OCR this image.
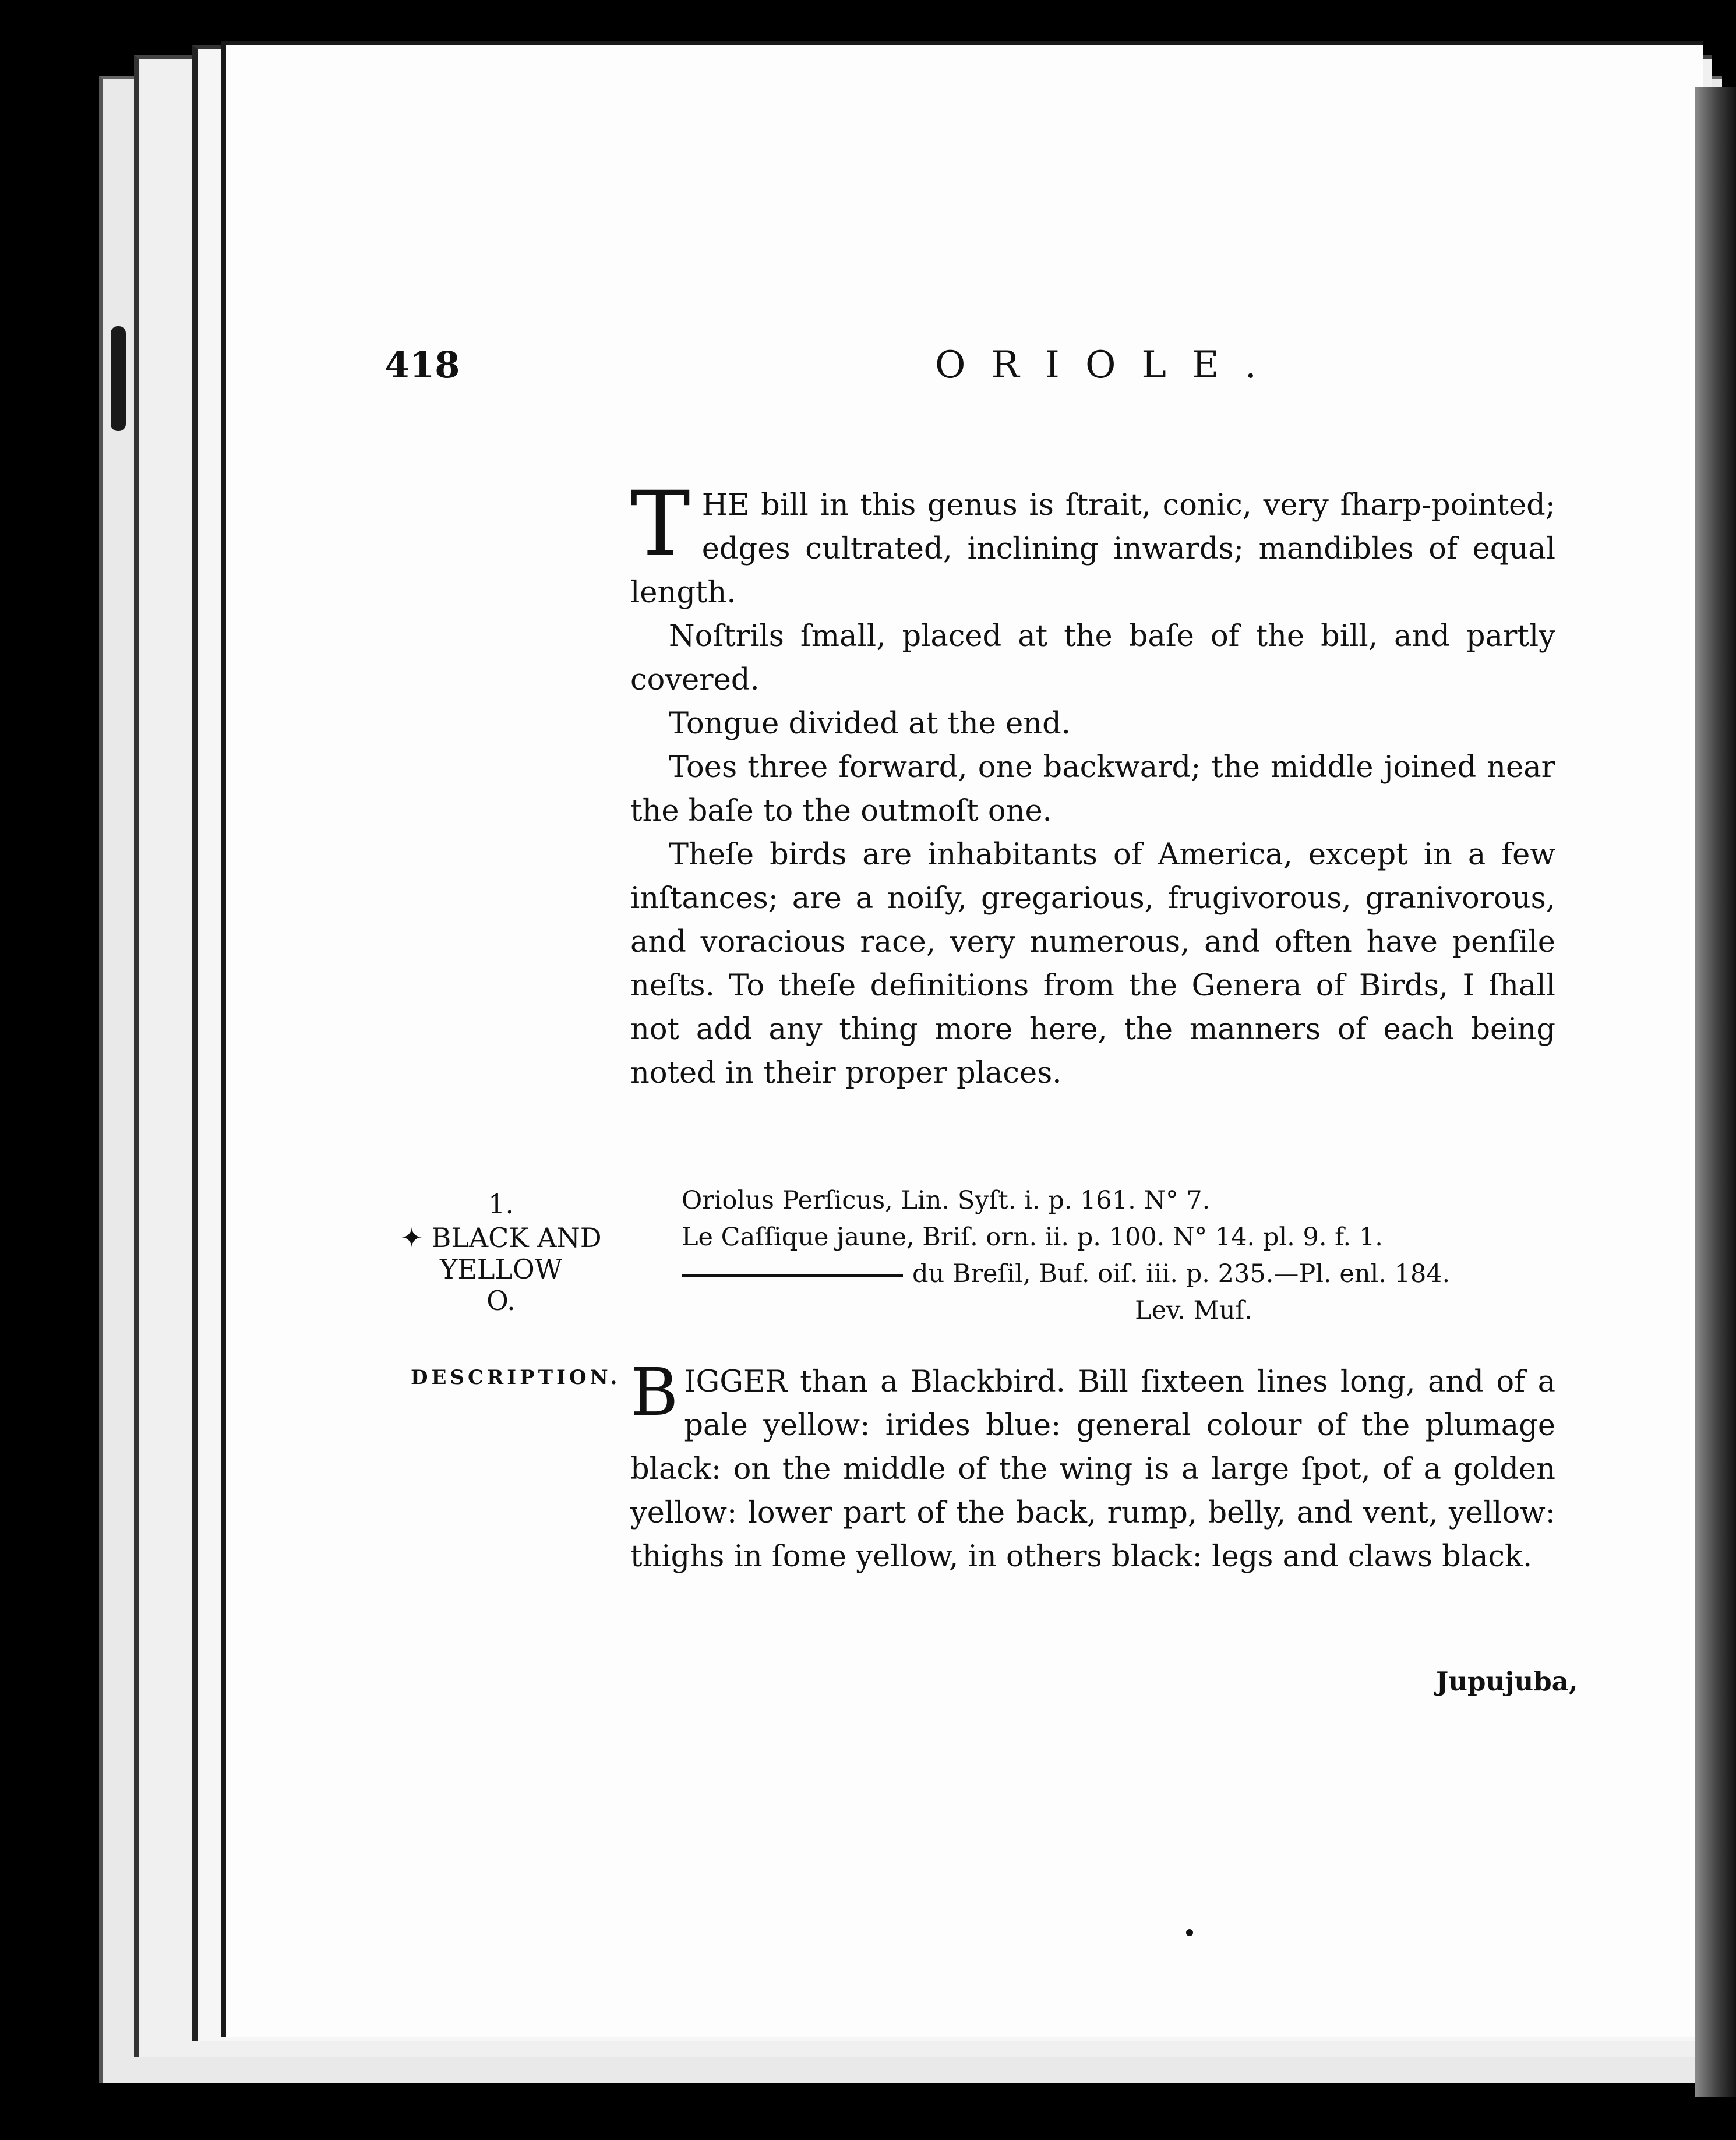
418	ORIOLE.

THE bill in this genus is ſtrait, conic, very ſharp-pointed; edges cultrated, inclining inwards; mandibles of equal length.

Noſtrils ſmall, placed at the baſe of the bill, and partly covered.

Tongue divided at the end.

Toes three forward, one backward; the middle joined near the baſe to the outmoſt one.

Theſe birds are inhabitants of America, except in a few inſtances; are a noiſy, gregarious, frugivorous, granivorous, and voracious race, very numerous, and often have penſile neſts. To theſe definitions from the Genera of Birds, I ſhall not add any thing more here, the manners of each being noted in their proper places.

1.
✦ BLACK AND
YELLOW
O.
Oriolus Perſicus, Lin. Syſt. i. p. 161. N° 7.
Le Caſſique jaune, Briſ. orn. ii. p. 100. N° 14. pl. 9. f. 1.
du Breſil, Buf. oiſ. iii. p. 235.—Pl. enl. 184.
Lev. Muſ.
DESCRIPTION. BIGGER than a Blackbird. Bill ſixteen lines long, and of a pale yellow: irides blue: general colour of the plumage black: on the middle of the wing is a large ſpot, of a golden yellow: lower part of the back, rump, belly, and vent, yellow: thighs in ſome yellow, in others black: legs and claws black.

Jupujuba,
